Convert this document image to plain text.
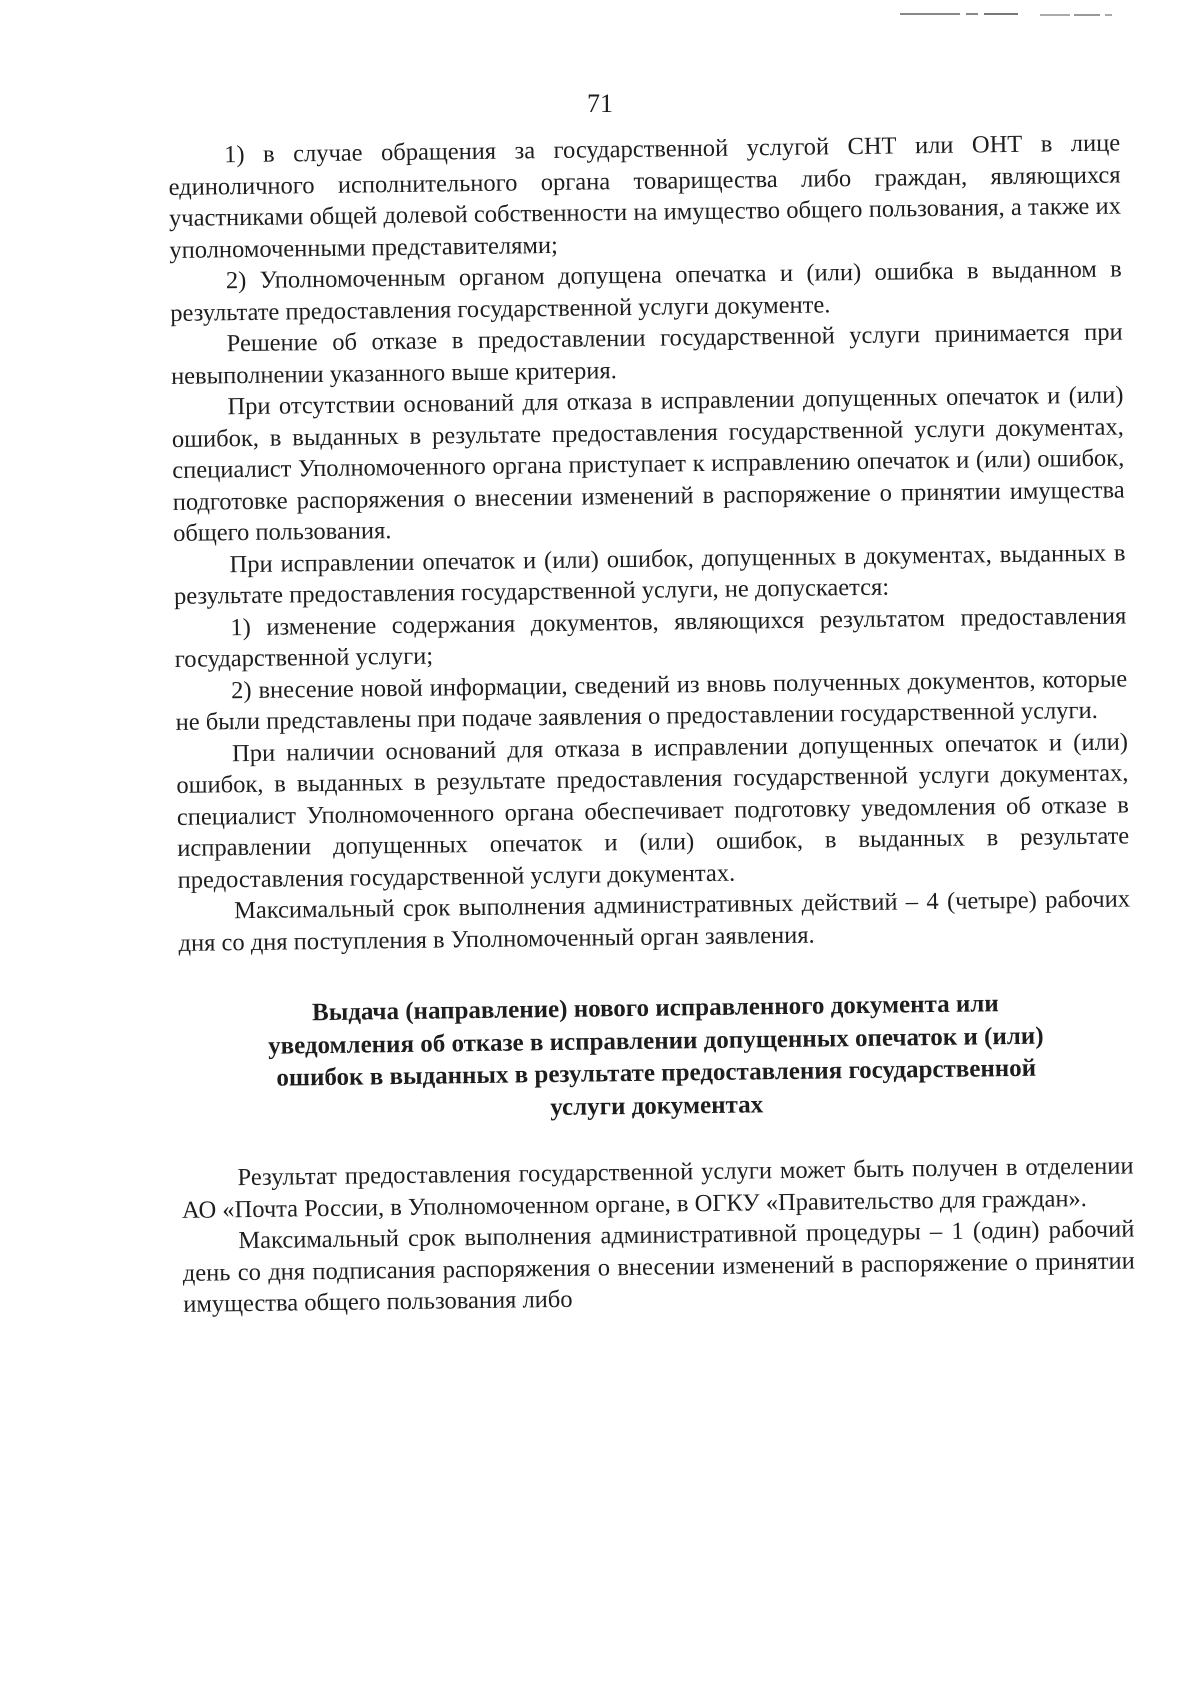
71

1) в случае обращения за государственной услугой СНТ или ОНТ в лице единоличного исполнительного органа товарищества либо граждан, являющихся участниками общей долевой собственности на имущество общего пользования, а также их уполномоченными представителями;

2) Уполномоченным органом допущена опечатка и (или) ошибка в выданном в результате предоставления государственной услуги документе.

Решение об отказе в предоставлении государственной услуги принимается при невыполнении указанного выше критерия.

При отсутствии оснований для отказа в исправлении допущенных опечаток и (или) ошибок, в выданных в результате предоставления государственной услуги документах, специалист Уполномоченного органа приступает к исправлению опечаток и (или) ошибок, подготовке распоряжения о внесении изменений в распоряжение о принятии имущества общего пользования.

При исправлении опечаток и (или) ошибок, допущенных в документах, выданных в результате предоставления государственной услуги, не допускается:

1) изменение содержания документов, являющихся результатом предоставления государственной услуги;

2) внесение новой информации, сведений из вновь полученных документов, которые не были представлены при подаче заявления о предоставлении государственной услуги.

При наличии оснований для отказа в исправлении допущенных опечаток и (или) ошибок, в выданных в результате предоставления государственной услуги документах, специалист Уполномоченного органа обеспечивает подготовку уведомления об отказе в исправлении допущенных опечаток и (или) ошибок, в выданных в результате предоставления государственной услуги документах.

Максимальный срок выполнения административных действий – 4 (четыре) рабочих дня со дня поступления в Уполномоченный орган заявления.

Выдача (направление) нового исправленного документа или уведомления об отказе в исправлении допущенных опечаток и (или) ошибок в выданных в результате предоставления государственной услуги документах

Результат предоставления государственной услуги может быть получен в отделении АО «Почта России, в Уполномоченном органе, в ОГКУ «Правительство для граждан».

Максимальный срок выполнения административной процедуры – 1 (один) рабочий день со дня подписания распоряжения о внесении изменений в распоряжение о принятии имущества общего пользования либо
